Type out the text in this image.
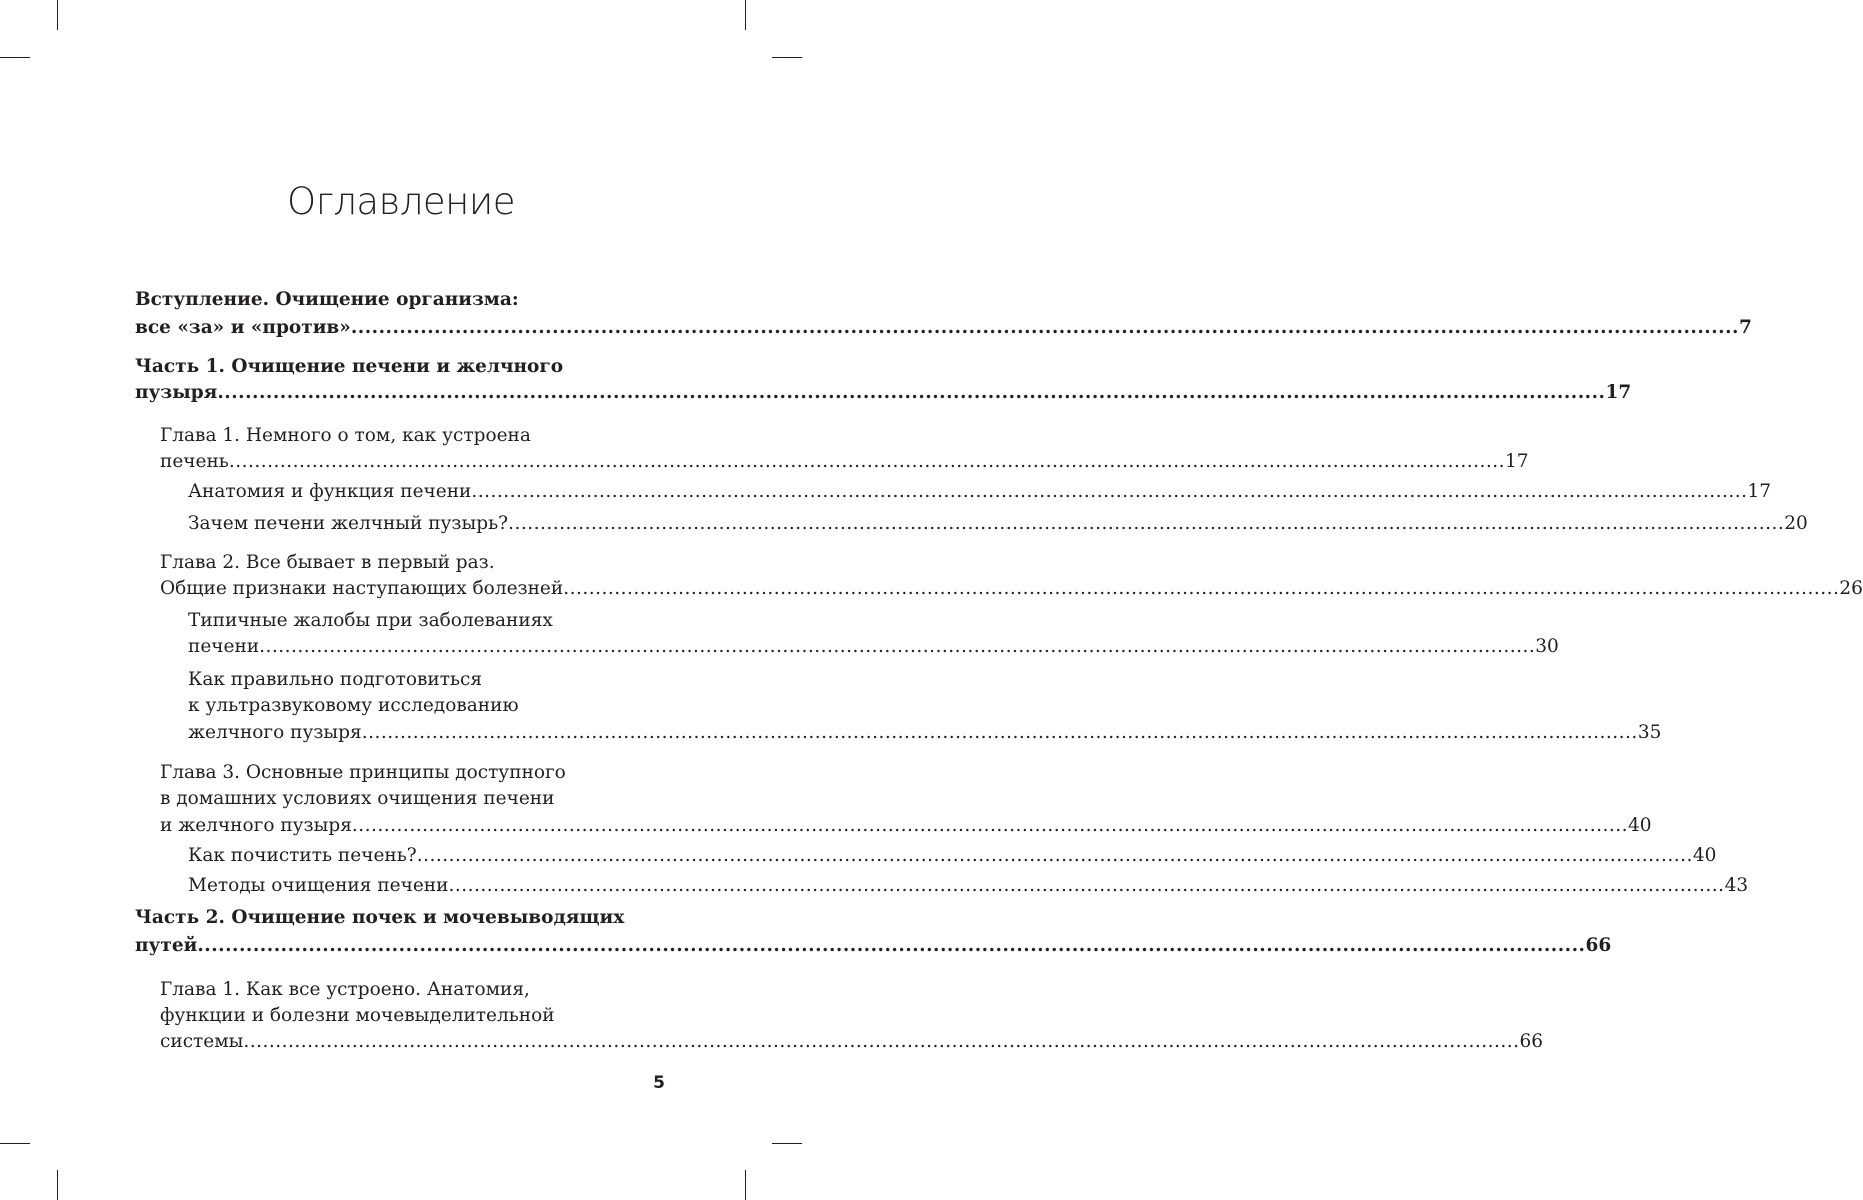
Оглавление
Вступление. Очищение организма:
все «за» и «против» ........................................................................................................................................................................................................ 7
Часть 1. Очищение печени и желчного
пузыря ........................................................................................................................................................................................................ 17
Глава 1. Немного о том, как устроена
печень ........................................................................................................................................................................................................ 17
Анатомия и функция печени ........................................................................................................................................................................................................ 17
Зачем печени желчный пузырь? ........................................................................................................................................................................................................ 20
Глава 2. Все бывает в первый раз.
Общие признаки наступающих болезней ........................................................................................................................................................................................................ 26
Типичные жалобы при заболеваниях
печени ........................................................................................................................................................................................................ 30
Как правильно подготовиться
к ультразвуковому исследованию
желчного пузыря ........................................................................................................................................................................................................ 35
Глава 3. Основные принципы доступного
в домашних условиях очищения печени
и желчного пузыря ........................................................................................................................................................................................................ 40
Как почистить печень? ........................................................................................................................................................................................................ 40
Методы очищения печени ........................................................................................................................................................................................................ 43
Часть 2. Очищение почек и мочевыводящих
путей ........................................................................................................................................................................................................ 66
Глава 1. Как все устроено. Анатомия,
функции и болезни мочевыделительной
системы ........................................................................................................................................................................................................ 66
5
